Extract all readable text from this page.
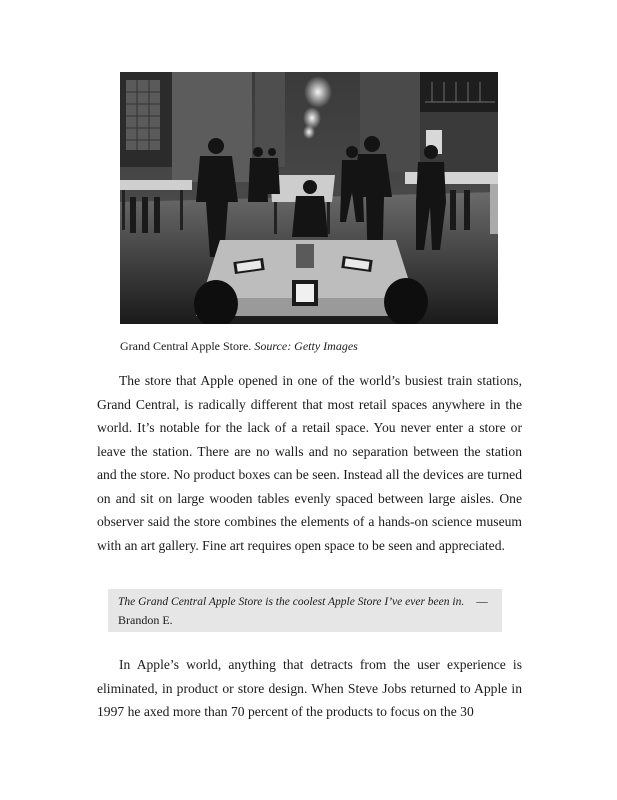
Grand Central Apple Store. Source: Getty Images

The store that Apple opened in one of the world’s busiest train stations, Grand Central, is radically different that most retail spaces anywhere in the world. It’s notable for the lack of a retail space. You never enter a store or leave the station. There are no walls and no separation between the station and the store. No product boxes can be seen. Instead all the devices are turned on and sit on large wooden tables evenly spaced between large aisles. One observer said the store combines the elements of a hands-on science museum with an art gallery. Fine art requires open space to be seen and appreciated.

The Grand Central Apple Store is the coolest Apple Store I’ve ever been in. —
Brandon E.

In Apple’s world, anything that detracts from the user experience is eliminated, in product or store design. When Steve Jobs returned to Apple in 1997 he axed more than 70 percent of the products to focus on the 30
